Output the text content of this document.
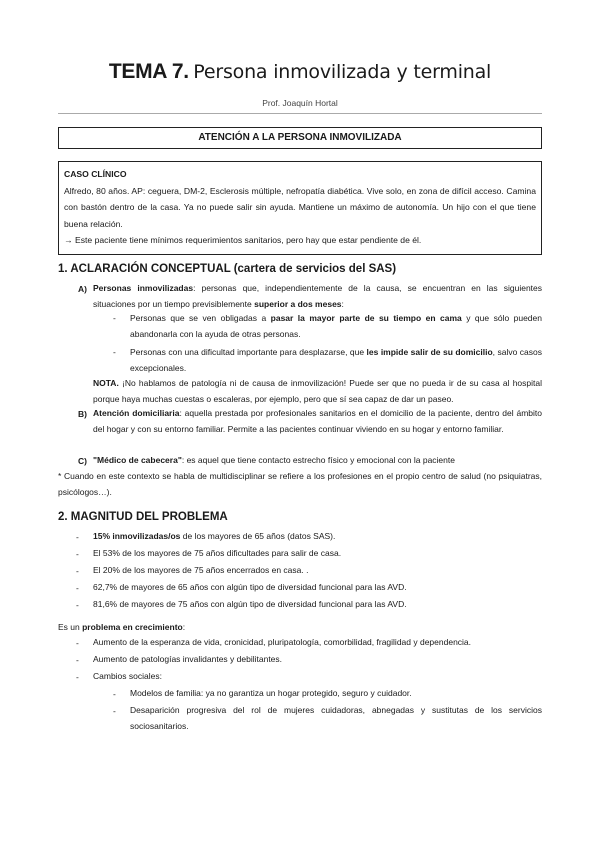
TEMA 7. Persona inmovilizada y terminal
Prof. Joaquín Hortal
ATENCIÓN A LA PERSONA INMOVILIZADA

CASO CLÍNICO

Alfredo, 80 años. AP: ceguera, DM-2, Esclerosis múltiple, nefropatía diabética. Vive solo, en zona de difícil acceso. Camina con bastón dentro de la casa. Ya no puede salir sin ayuda. Mantiene un máximo de autonomía. Un hijo con el que tiene buena relación.

→ Este paciente tiene mínimos requerimientos sanitarios, pero hay que estar pendiente de él.

1. ACLARACIÓN CONCEPTUAL (cartera de servicios del SAS)
A) Personas inmovilizadas: personas que, independientemente de la causa, se encuentran en las siguientes situaciones por un tiempo previsiblemente superior a dos meses:

- Personas que se ven obligadas a pasar la mayor parte de su tiempo en cama y que sólo pueden abandonarla con la ayuda de otras personas.

- Personas con una dificultad importante para desplazarse, que les impide salir de su domicilio, salvo casos excepcionales.

NOTA. ¡No hablamos de patología ni de causa de inmovilización! Puede ser que no pueda ir de su casa al hospital porque haya muchas cuestas o escaleras, por ejemplo, pero que sí sea capaz de dar un paseo.

B) Atención domiciliaria: aquella prestada por profesionales sanitarios en el domicilio de la paciente, dentro del ámbito del hogar y con su entorno familiar. Permite a las pacientes continuar viviendo en su hogar y entorno familiar.

C) "Médico de cabecera": es aquel que tiene contacto estrecho físico y emocional con la paciente

* Cuando en este contexto se habla de multidisciplinar se refiere a los profesiones en el propio centro de salud (no psiquiatras, psicólogos…).
2. MAGNITUD DEL PROBLEMA
- 15% inmovilizadas/os de los mayores de 65 años (datos SAS).

- El 53% de los mayores de 75 años dificultades para salir de casa.
- El 20% de los mayores de 75 años encerrados en casa. .
- 62,7% de mayores de 65 años con algún tipo de diversidad funcional para las AVD.
- 81,6% de mayores de 75 años con algún tipo de diversidad funcional para las AVD.

Es un problema en crecimiento:

- Aumento de la esperanza de vida, cronicidad, pluripatología, comorbilidad, fragilidad y dependencia.
- Aumento de patologías invalidantes y debilitantes.
- Cambios sociales:
- Modelos de familia: ya no garantiza un hogar protegido, seguro y cuidador.
- Desaparición progresiva del rol de mujeres cuidadoras, abnegadas y sustitutas de los servicios sociosanitarios.
